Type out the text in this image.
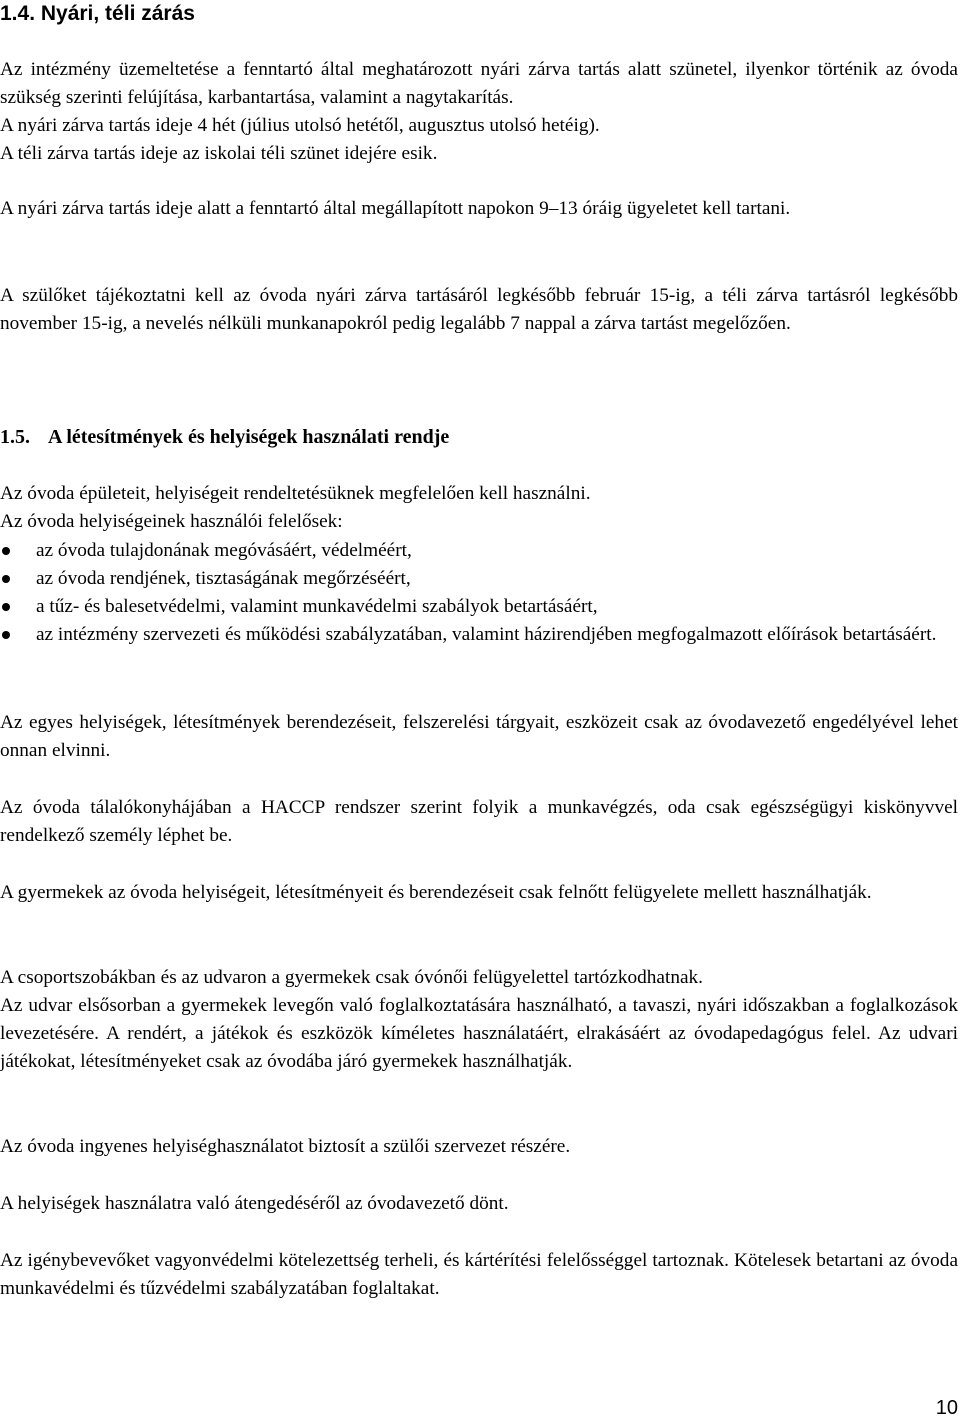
1.4. Nyári, téli zárás

Az intézmény üzemeltetése a fenntartó által meghatározott nyári zárva tartás alatt szünetel, ilyenkor történik az óvoda szükség szerinti felújítása, karbantartása, valamint a nagytakarítás.
A nyári zárva tartás ideje 4 hét (július utolsó hetétől, augusztus utolsó hetéig).
A téli zárva tartás ideje az iskolai téli szünet idejére esik.

A nyári zárva tartás ideje alatt a fenntartó által megállapított napokon 9–13 óráig ügyeletet kell tartani.

A szülőket tájékoztatni kell az óvoda nyári zárva tartásáról legkésőbb február 15-ig, a téli zárva tartásról legkésőbb november 15-ig, a nevelés nélküli munkanapokról pedig legalább 7 nappal a zárva tartást megelőzően.

1.5. A létesítmények és helyiségek használati rendje

Az óvoda épületeit, helyiségeit rendeltetésüknek megfelelően kell használni.
Az óvoda helyiségeinek használói felelősek:

az óvoda tulajdonának megóvásáért, védelméért,
az óvoda rendjének, tisztaságának megőrzéséért,
a tűz- és balesetvédelmi, valamint munkavédelmi szabályok betartásáért,
az intézmény szervezeti és működési szabályzatában, valamint házirendjében megfogalmazott előírások betartásáért.

Az egyes helyiségek, létesítmények berendezéseit, felszerelési tárgyait, eszközeit csak az óvodavezető engedélyével lehet onnan elvinni.

Az óvoda tálalókonyhájában a HACCP rendszer szerint folyik a munkavégzés, oda csak egészségügyi kiskönyvvel rendelkező személy léphet be.

A gyermekek az óvoda helyiségeit, létesítményeit és berendezéseit csak felnőtt felügyelete mellett használhatják.

A csoportszobákban és az udvaron a gyermekek csak óvónői felügyelettel tartózkodhatnak.
Az udvar elsősorban a gyermekek levegőn való foglalkoztatására használható, a tavaszi, nyári időszakban a foglalkozások levezetésére. A rendért, a játékok és eszközök kíméletes használatáért, elrakásáért az óvodapedagógus felel. Az udvari játékokat, létesítményeket csak az óvodába járó gyermekek használhatják.

Az óvoda ingyenes helyiséghasználatot biztosít a szülői szervezet részére.

A helyiségek használatra való átengedéséről az óvodavezető dönt.

Az igénybevevőket vagyonvédelmi kötelezettség terheli, és kártérítési felelősséggel tartoznak. Kötelesek betartani az óvoda munkavédelmi és tűzvédelmi szabályzatában foglaltakat.

10
